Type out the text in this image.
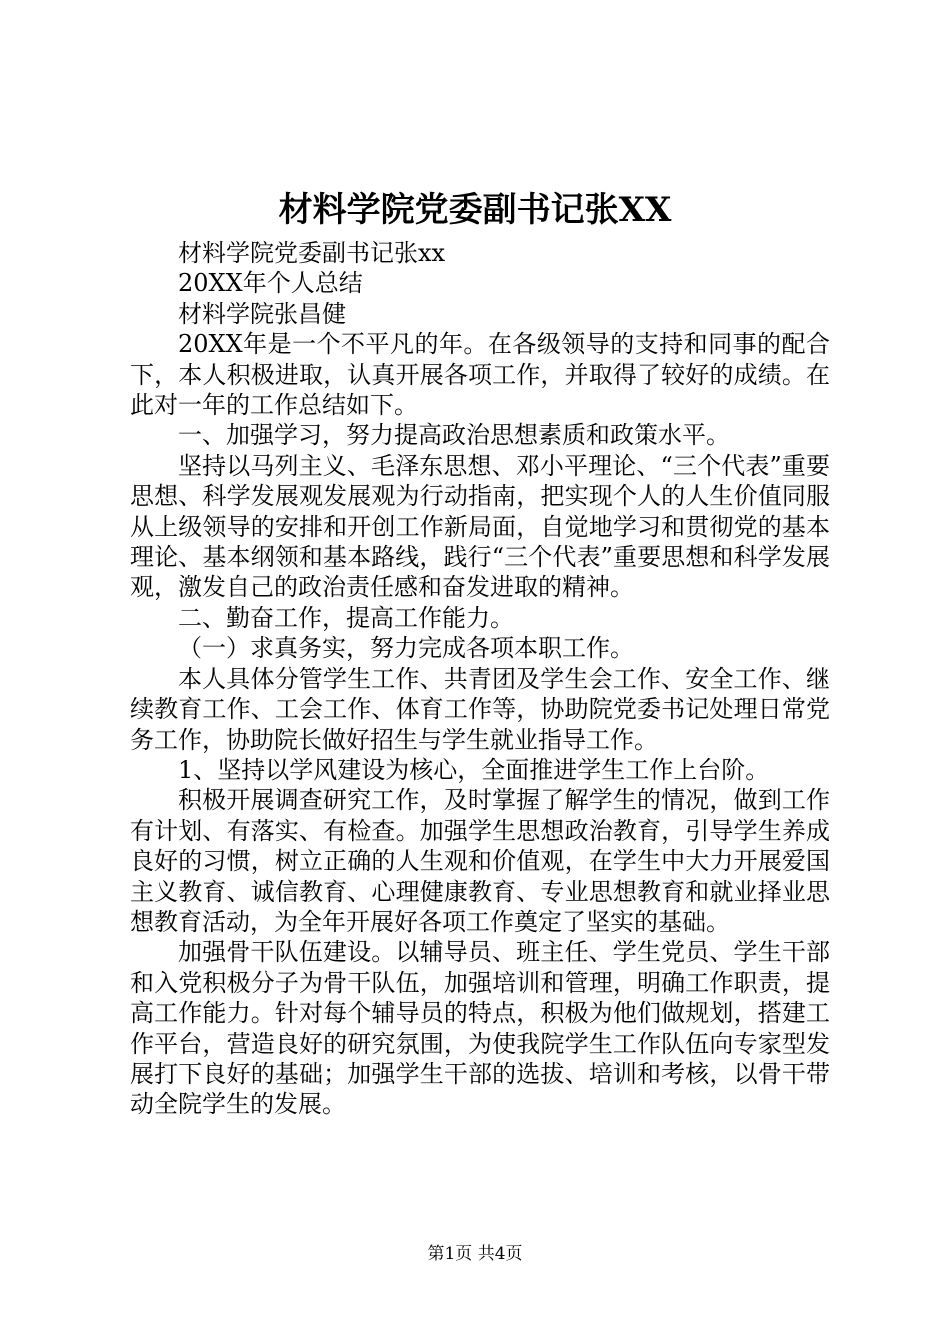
材料学院党委副书记张XX

材料学院党委副书记张xx

20XX年个人总结

材料学院张昌健

20XX年是一个不平凡的年。在各级领导的支持和同事的配合下，本人积极进取，认真开展各项工作，并取得了较好的成绩。在此对一年的工作总结如下。

一、加强学习，努力提高政治思想素质和政策水平。

坚持以马列主义、毛泽东思想、邓小平理论、“三个代表”重要思想、科学发展观发展观为行动指南，把实现个人的人生价值同服从上级领导的安排和开创工作新局面，自觉地学习和贯彻党的基本理论、基本纲领和基本路线，践行“三个代表”重要思想和科学发展观，激发自己的政治责任感和奋发进取的精神。

二、勤奋工作，提高工作能力。

（一）求真务实，努力完成各项本职工作。

本人具体分管学生工作、共青团及学生会工作、安全工作、继续教育工作、工会工作、体育工作等，协助院党委书记处理日常党务工作，协助院长做好招生与学生就业指导工作。

1、坚持以学风建设为核心，全面推进学生工作上台阶。

积极开展调查研究工作，及时掌握了解学生的情况，做到工作有计划、有落实、有检查。加强学生思想政治教育，引导学生养成良好的习惯，树立正确的人生观和价值观，在学生中大力开展爱国主义教育、诚信教育、心理健康教育、专业思想教育和就业择业思想教育活动，为全年开展好各项工作奠定了坚实的基础。

加强骨干队伍建设。以辅导员、班主任、学生党员、学生干部和入党积极分子为骨干队伍，加强培训和管理，明确工作职责，提高工作能力。针对每个辅导员的特点，积极为他们做规划，搭建工作平台，营造良好的研究氛围，为使我院学生工作队伍向专家型发展打下良好的基础；加强学生干部的选拔、培训和考核，以骨干带动全院学生的发展。

第1页 共4页
